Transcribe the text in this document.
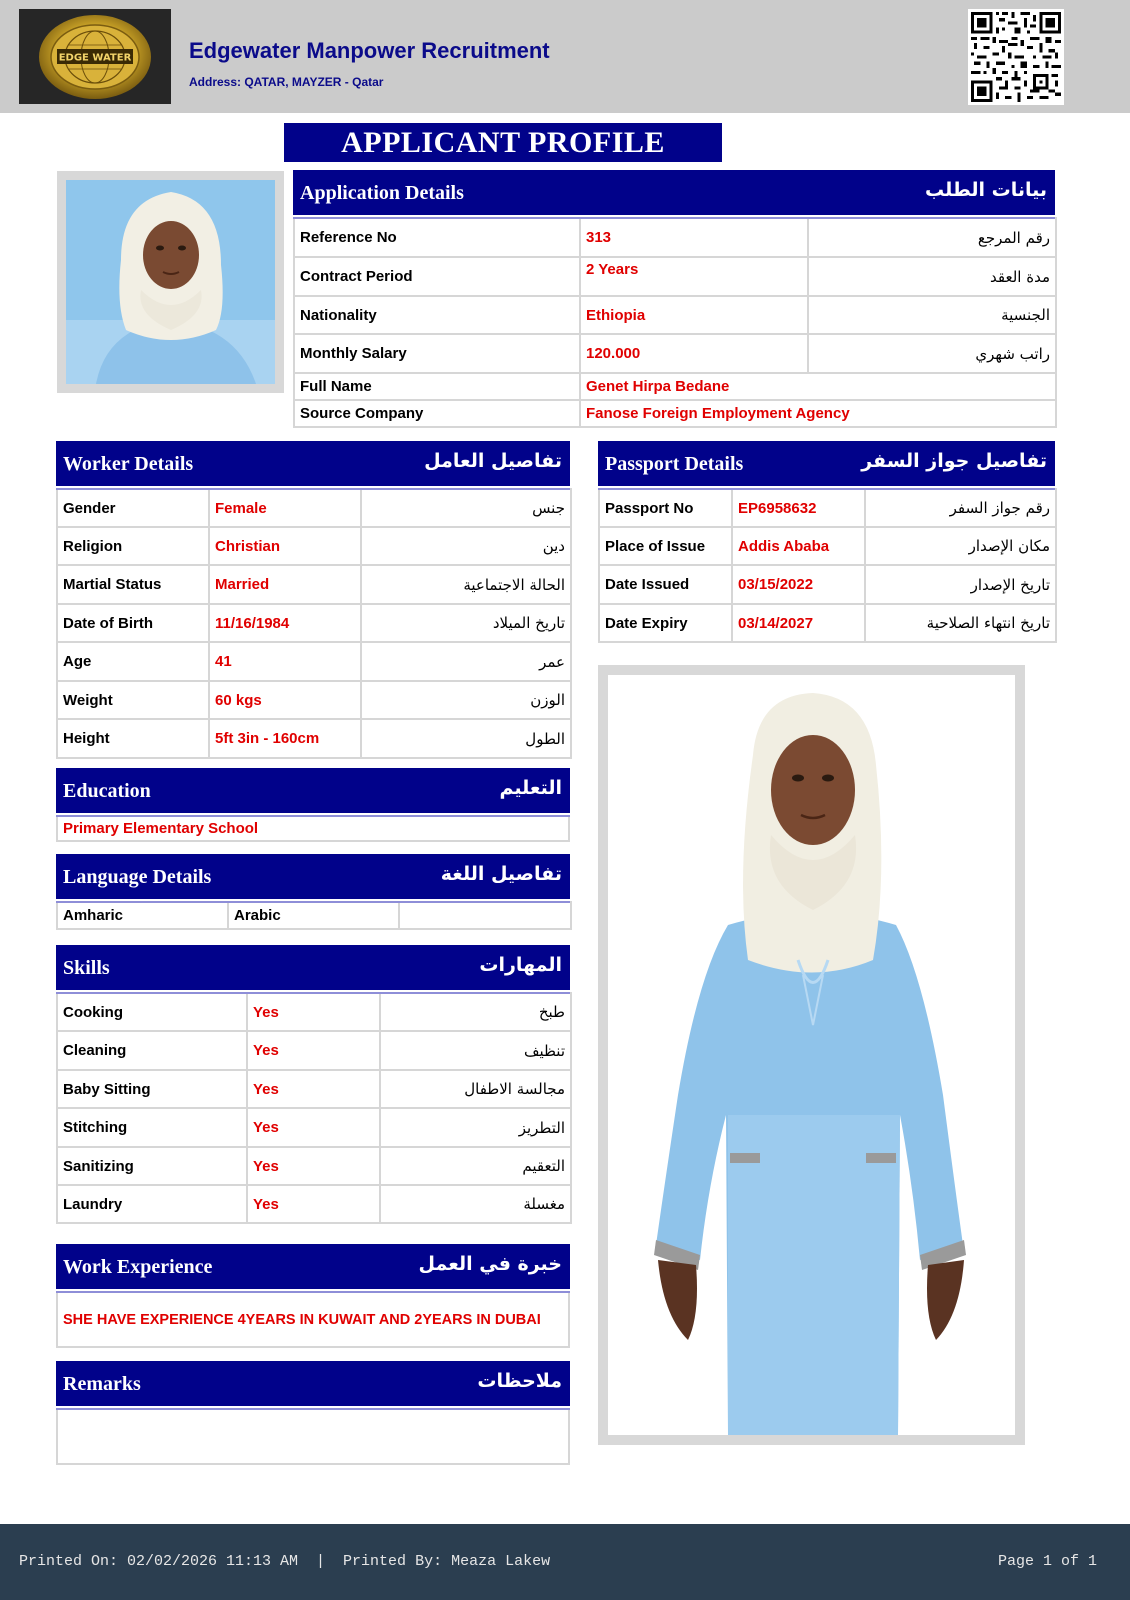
EDGE WATER	Edgewater Manpower Recruitment
Address: QATAR, MAYZER - Qatar
APPLICANT PROFILE
Application Details	بيانات الطلب
Reference No	313	رقم المرجع
Contract Period	2 Years	مدة العقد
Nationality	Ethiopia	الجنسية
Monthly Salary	120.000	راتب شهري
Full Name	Genet Hirpa Bedane	
Source Company	Fanose Foreign Employment Agency	
Worker Details	تفاصيل العامل
Gender	Female	جنس
Religion	Christian	دين
Martial Status	Married	الحالة الاجتماعية
Date of Birth	11/16/1984	تاريخ الميلاد
Age	41	عمر
Weight	60 kgs	الوزن
Height	5ft 3in - 160cm	الطول
Passport Details	تفاصيل جواز السفر
Passport No	EP6958632	رقم جواز السفر
Place of Issue	Addis Ababa	مكان الإصدار
Date Issued	03/15/2022	تاريخ الإصدار
Date Expiry	03/14/2027	تاريخ انتهاء الصلاحية
Education	التعليم
Primary Elementary School
Language Details	تفاصيل اللغة
Amharic	Arabic	
Skills	المهارات
Cooking	Yes	طبخ
Cleaning	Yes	تنظيف
Baby Sitting	Yes	مجالسة الاطفال
Stitching	Yes	التطريز
Sanitizing	Yes	التعقيم
Laundry	Yes	مغسلة
Work Experience	خبرة في العمل
SHE HAVE EXPERIENCE 4YEARS IN KUWAIT AND 2YEARS IN DUBAI
Remarks	ملاحظات
Printed On: 02/02/2026 11:13 AM  |  Printed By: Meaza Lakew	Page 1 of 1
